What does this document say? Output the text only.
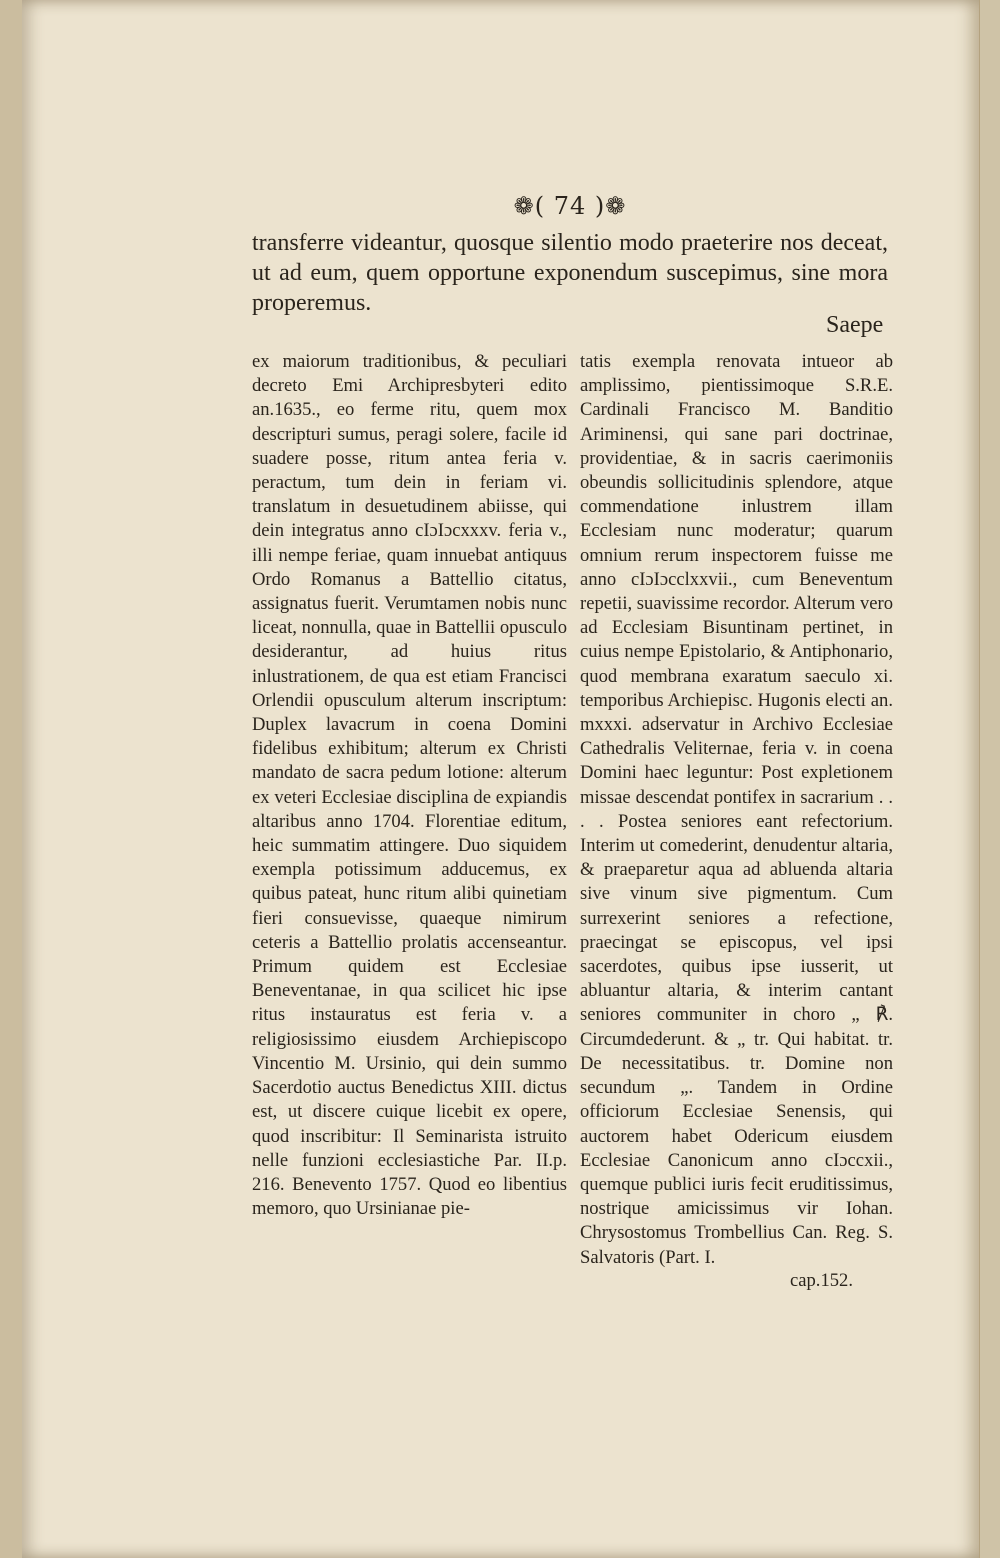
❁( 74 )❁
transferre videantur, quosque silentio modo praeterire nos deceat, ut ad eum, quem opportune exponendum suscepimus, sine mora properemus.
Saepe

ex maiorum traditionibus, & peculiari decreto Emi Archipresbyteri edito an.1635., eo ferme ritu, quem mox descripturi sumus, peragi solere, facile id suadere posse, ritum antea feria v. peractum, tum dein in feriam vi. translatum in desuetudinem abiisse, qui dein integratus anno cIɔIɔcxxxv. feria v., illi nempe feriae, quam innuebat antiquus Ordo Romanus a Battellio citatus, assignatus fuerit. Verumtamen nobis nunc liceat, nonnulla, quae in Battellii opusculo desiderantur, ad huius ritus inlustrationem, de qua est etiam Francisci Orlendii opusculum alterum inscriptum: Duplex lavacrum in coena Domini fidelibus exhibitum; alterum ex Christi mandato de sacra pedum lotione: alterum ex veteri Ecclesiae disciplina de expiandis altaribus anno 1704. Florentiae editum, heic summatim attingere. Duo siquidem exempla potissimum adducemus, ex quibus pateat, hunc ritum alibi quinetiam fieri consuevisse, quaeque nimirum ceteris a Battellio prolatis accenseantur. Primum quidem est Ecclesiae Beneventanae, in qua scilicet hic ipse ritus instauratus est feria v. a religiosissimo eiusdem Archiepiscopo Vincentio M. Ursinio, qui dein summo Sacerdotio auctus Benedictus XIII. dictus est, ut discere cuique licebit ex opere, quod inscribitur: Il Seminarista istruito nelle funzioni ecclesiastiche Par. II.p. 216. Benevento 1757. Quod eo libentius memoro, quo Ursinianae pie-

tatis exempla renovata intueor ab amplissimo, pientissimoque S.R.E. Cardinali Francisco M. Banditio Ariminensi, qui sane pari doctrinae, providentiae, & in sacris caerimoniis obeundis sollicitudinis splendore, atque commendatione inlustrem illam Ecclesiam nunc moderatur; quarum omnium rerum inspectorem fuisse me anno cIɔIɔcclxxvii., cum Beneventum repetii, suavissime recordor. Alterum vero ad Ecclesiam Bisuntinam pertinet, in cuius nempe Epistolario, & Antiphonario, quod membrana exaratum saeculo xi. temporibus Archiepisc. Hugonis electi an. mxxxi. adservatur in Archivo Ecclesiae Cathedralis Veliternae, feria v. in coena Domini haec leguntur: Post expletionem missae descendat pontifex in sacrarium . . . . Postea seniores eant refectorium. Interim ut comederint, denudentur altaria, & praeparetur aqua ad abluenda altaria sive vinum sive pigmentum. Cum surrexerint seniores a refectione, praecingat se episcopus, vel ipsi sacerdotes, quibus ipse iusserit, ut abluantur altaria, & interim cantant seniores communiter in choro „ ℟. Circumdederunt. & „ tr. Qui habitat. tr. De necessitatibus. tr. Domine non secundum „. Tandem in Ordine officiorum Ecclesiae Senensis, qui auctorem habet Odericum eiusdem Ecclesiae Canonicum anno cIɔccxii., quemque publici iuris fecit eruditissimus, nostrique amicissimus vir Iohan. Chrysostomus Trombellius Can. Reg. S. Salvatoris (Part. I.

cap.152.
